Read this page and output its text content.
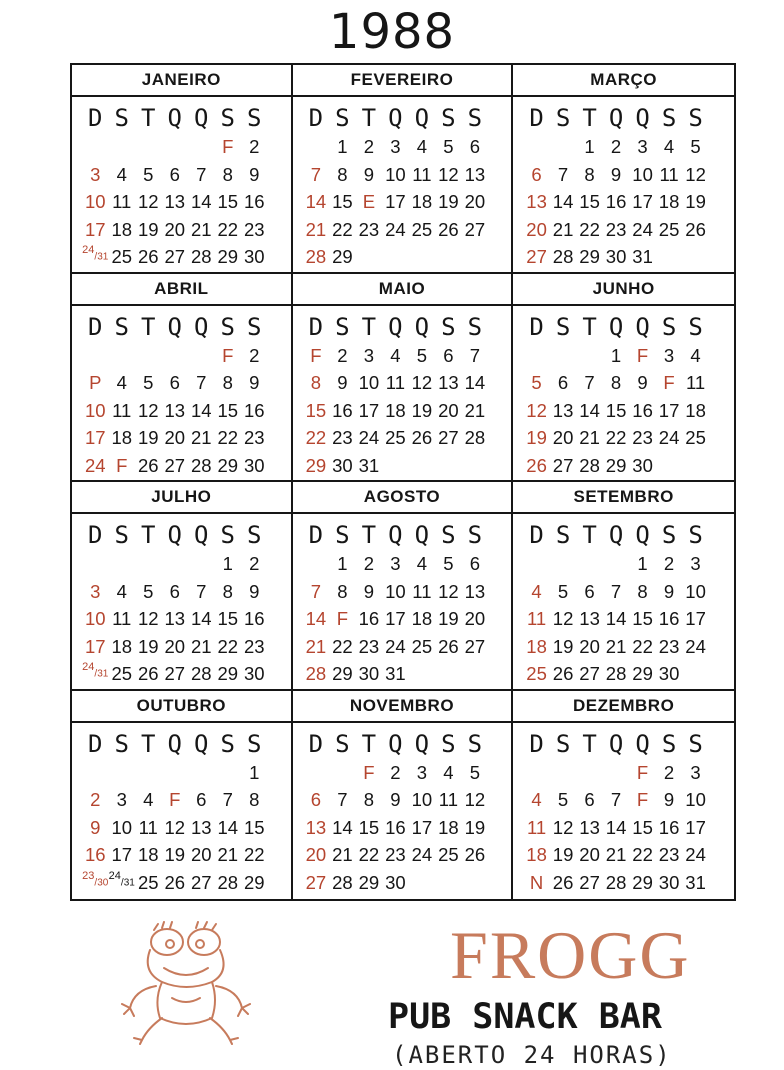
1988
JANEIRO
D S T Q Q S S
F 2
3 4 5 6 7 8 9
10 11 12 13 14 15 16
17 18 19 20 21 22 23
$^{24}$/31 25 26 27 28 29 30
FEVEREIRO
D S T Q Q S S
1 2 3 4 5 6
7 8 9 10 11 12 13
14 15 E 17 18 19 20
21 22 23 24 25 26 27
28 29
MARÇO
D S T Q Q S S
1 2 3 4 5
6 7 8 9 10 11 12
13 14 15 16 17 18 19
20 21 22 23 24 25 26
27 28 29 30 31
ABRIL
D S T Q Q S S
F 2
P 4 5 6 7 8 9
10 11 12 13 14 15 16
17 18 19 20 21 22 23
24 F 26 27 28 29 30
MAIO
D S T Q Q S S
F 2 3 4 5 6 7
8 9 10 11 12 13 14
15 16 17 18 19 20 21
22 23 24 25 26 27 28
29 30 31
JUNHO
D S T Q Q S S
1 F 3 4
5 6 7 8 9 F 11
12 13 14 15 16 17 18
19 20 21 22 23 24 25
26 27 28 29 30
JULHO
D S T Q Q S S
1 2
3 4 5 6 7 8 9
10 11 12 13 14 15 16
17 18 19 20 21 22 23
$^{24}$/31 25 26 27 28 29 30
AGOSTO
D S T Q Q S S
1 2 3 4 5 6
7 8 9 10 11 12 13
14 F 16 17 18 19 20
21 22 23 24 25 26 27
28 29 30 31
SETEMBRO
D S T Q Q S S
1 2 3
4 5 6 7 8 9 10
11 12 13 14 15 16 17
18 19 20 21 22 23 24
25 26 27 28 29 30
OUTUBRO
D S T Q Q S S
1
2 3 4 F 6 7 8
9 10 11 12 13 14 15
16 17 18 19 20 21 22
$^{23}$/30
$^{24}$/31 25 26 27 28 29
NOVEMBRO
D S T Q Q S S
F 2 3 4 5
6 7 8 9 10 11 12
13 14 15 16 17 18 19
20 21 22 23 24 25 26
27 28 29 30
DEZEMBRO
D S T Q Q S S
F 2 3
4 5 6 7 F 9 10
11 12 13 14 15 16 17
18 19 20 21 22 23 24
N 26 27 28 29 30 31
FROGG
PUB SNACK BAR
(ABERTO 24 HORAS)
